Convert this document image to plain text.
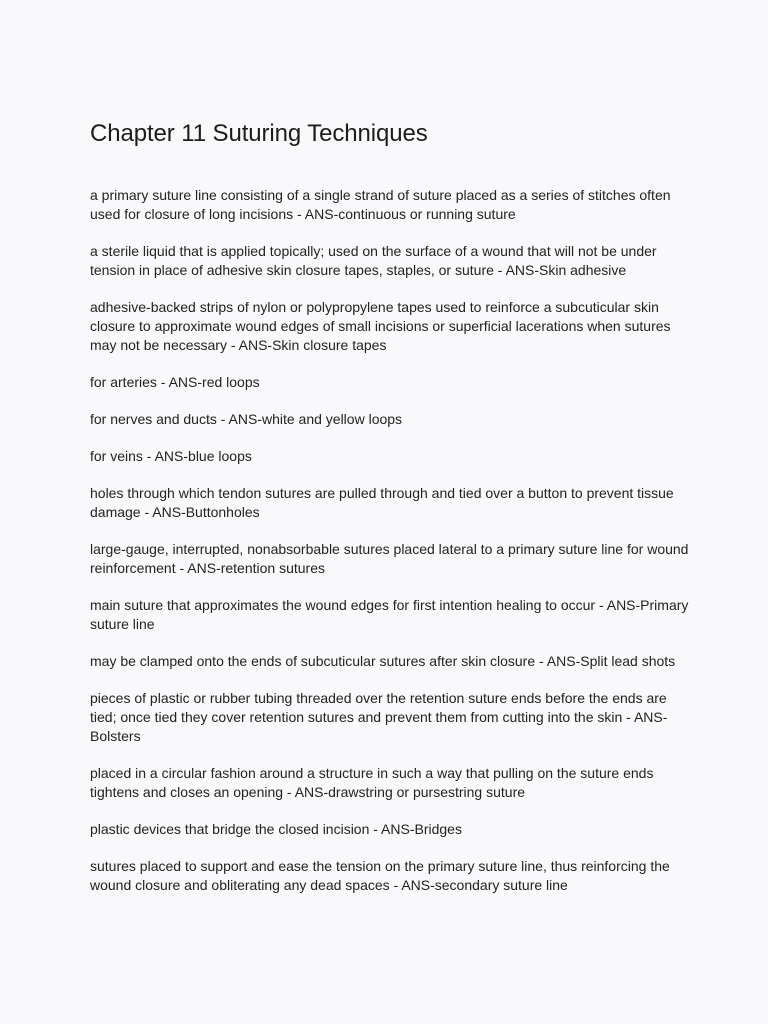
Chapter 11 Suturing Techniques
a primary suture line consisting of a single strand of suture placed as a series of stitches often used for closure of long incisions - ANS-continuous or running suture
a sterile liquid that is applied topically; used on the surface of a wound that will not be under tension in place of adhesive skin closure tapes, staples, or suture - ANS-Skin adhesive
adhesive-backed strips of nylon or polypropylene tapes used to reinforce a subcuticular skin closure to approximate wound edges of small incisions or superficial lacerations when sutures may not be necessary - ANS-Skin closure tapes
for arteries - ANS-red loops
for nerves and ducts - ANS-white and yellow loops
for veins - ANS-blue loops
holes through which tendon sutures are pulled through and tied over a button to prevent tissue damage - ANS-Buttonholes
large-gauge, interrupted, nonabsorbable sutures placed lateral to a primary suture line for wound reinforcement - ANS-retention sutures
main suture that approximates the wound edges for first intention healing to occur - ANS-Primary suture line
may be clamped onto the ends of subcuticular sutures after skin closure - ANS-Split lead shots
pieces of plastic or rubber tubing threaded over the retention suture ends before the ends are tied; once tied they cover retention sutures and prevent them from cutting into the skin - ANS-Bolsters
placed in a circular fashion around a structure in such a way that pulling on the suture ends tightens and closes an opening - ANS-drawstring or pursestring suture
plastic devices that bridge the closed incision - ANS-Bridges
sutures placed to support and ease the tension on the primary suture line, thus reinforcing the wound closure and obliterating any dead spaces - ANS-secondary suture line
